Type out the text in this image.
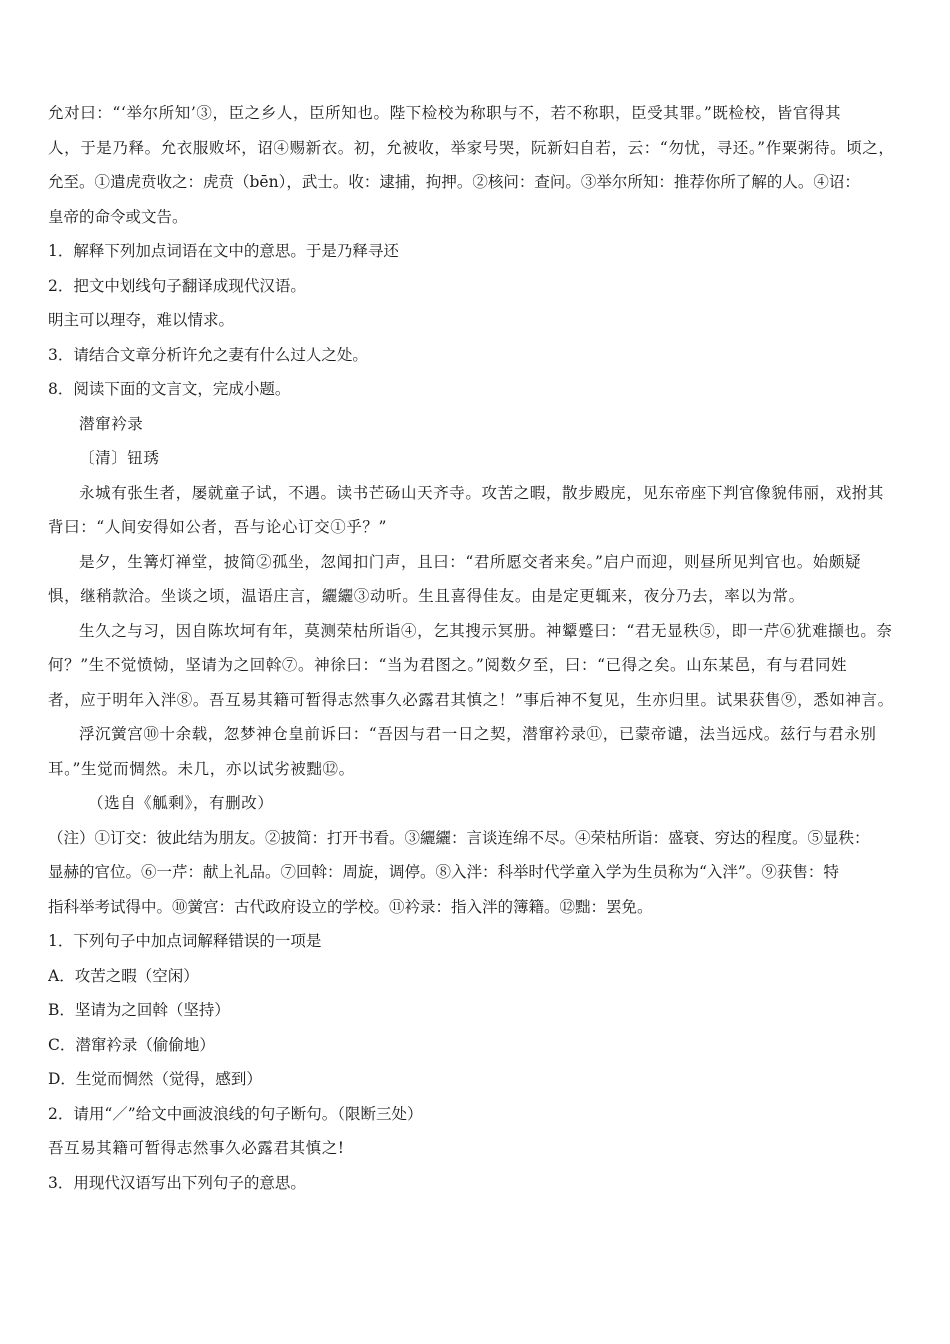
允对曰：“‘举尔所知’③，臣之乡人，臣所知也。陛下检校为称职与不，若不称职，臣受其罪。”既检校，皆官得其
人，于是乃释。允衣服败坏，诏④赐新衣。初，允被收，举家号哭，阮新妇自若，云：“勿忧，寻还。”作粟粥待。顷之，
允至。①遣虎贲收之：虎贲（bēn），武士。收：逮捕，拘押。②核问：查问。③举尔所知：推荐你所了解的人。④诏：
皇帝的命令或文告。
1．解释下列加点词语在文中的意思。于是乃释寻还
2．把文中划线句子翻译成现代汉语。
明主可以理夺，难以情求。
3．请结合文章分析许允之妻有什么过人之处。
8．阅读下面的文言文，完成小题。
潜窜衿录
〔清〕钮琇
永城有张生者，屡就童子试，不遇。读书芒砀山天齐寺。攻苦之暇，散步殿庑，见东帝座下判官像貌伟丽，戏拊其
背曰：“人间安得如公者，吾与论心订交①乎？”
是夕，生篝灯禅堂，披简②孤坐，忽闻扣门声，且曰：“君所愿交者来矣。”启户而迎，则昼所见判官也。始颇疑
惧，继稍款洽。坐谈之顷，温语庄言，纚纚③动听。生且喜得佳友。由是定更辄来，夜分乃去，率以为常。
生久之与习，因自陈坎坷有年，莫测荣枯所诣④，乞其搜示冥册。神颦蹙曰：“君无显秩⑤，即一芹⑥犹难撷也。奈
何？”生不觉愤恸，坚请为之回斡⑦。神徐曰：“当为君图之。”阅数夕至，曰：“已得之矣。山东某邑，有与君同姓
者，应于明年入泮⑧。吾互易其籍可暂得志然事久必露君其慎之！”事后神不复见，生亦归里。试果获售⑨，悉如神言。
浮沉黉宫⑩十余载，忽梦神仓皇前诉曰：“吾因与君一日之契，潜窜衿录⑪，已蒙帝谴，法当远戍。兹行与君永别
耳。”生觉而惆然。未几，亦以试劣被黜⑫。
（选自《觚剩》，有删改）
（注）①订交：彼此结为朋友。②披简：打开书看。③纚纚：言谈连绵不尽。④荣枯所诣：盛衰、穷达的程度。⑤显秩：
显赫的官位。⑥一芹：献上礼品。⑦回斡：周旋，调停。⑧入泮：科举时代学童入学为生员称为“入泮”。⑨获售：特
指科举考试得中。⑩黉宫：古代政府设立的学校。⑪衿录：指入泮的簿籍。⑫黜：罢免。
1．下列句子中加点词解释错误的一项是
A．攻苦之暇（空闲）
B．坚请为之回斡（坚持）
C．潜窜衿录（偷偷地）
D．生觉而惆然（觉得，感到）
2．请用“／”给文中画波浪线的句子断句。（限断三处）
吾互易其籍可暂得志然事久必露君其慎之!
3．用现代汉语写出下列句子的意思。
